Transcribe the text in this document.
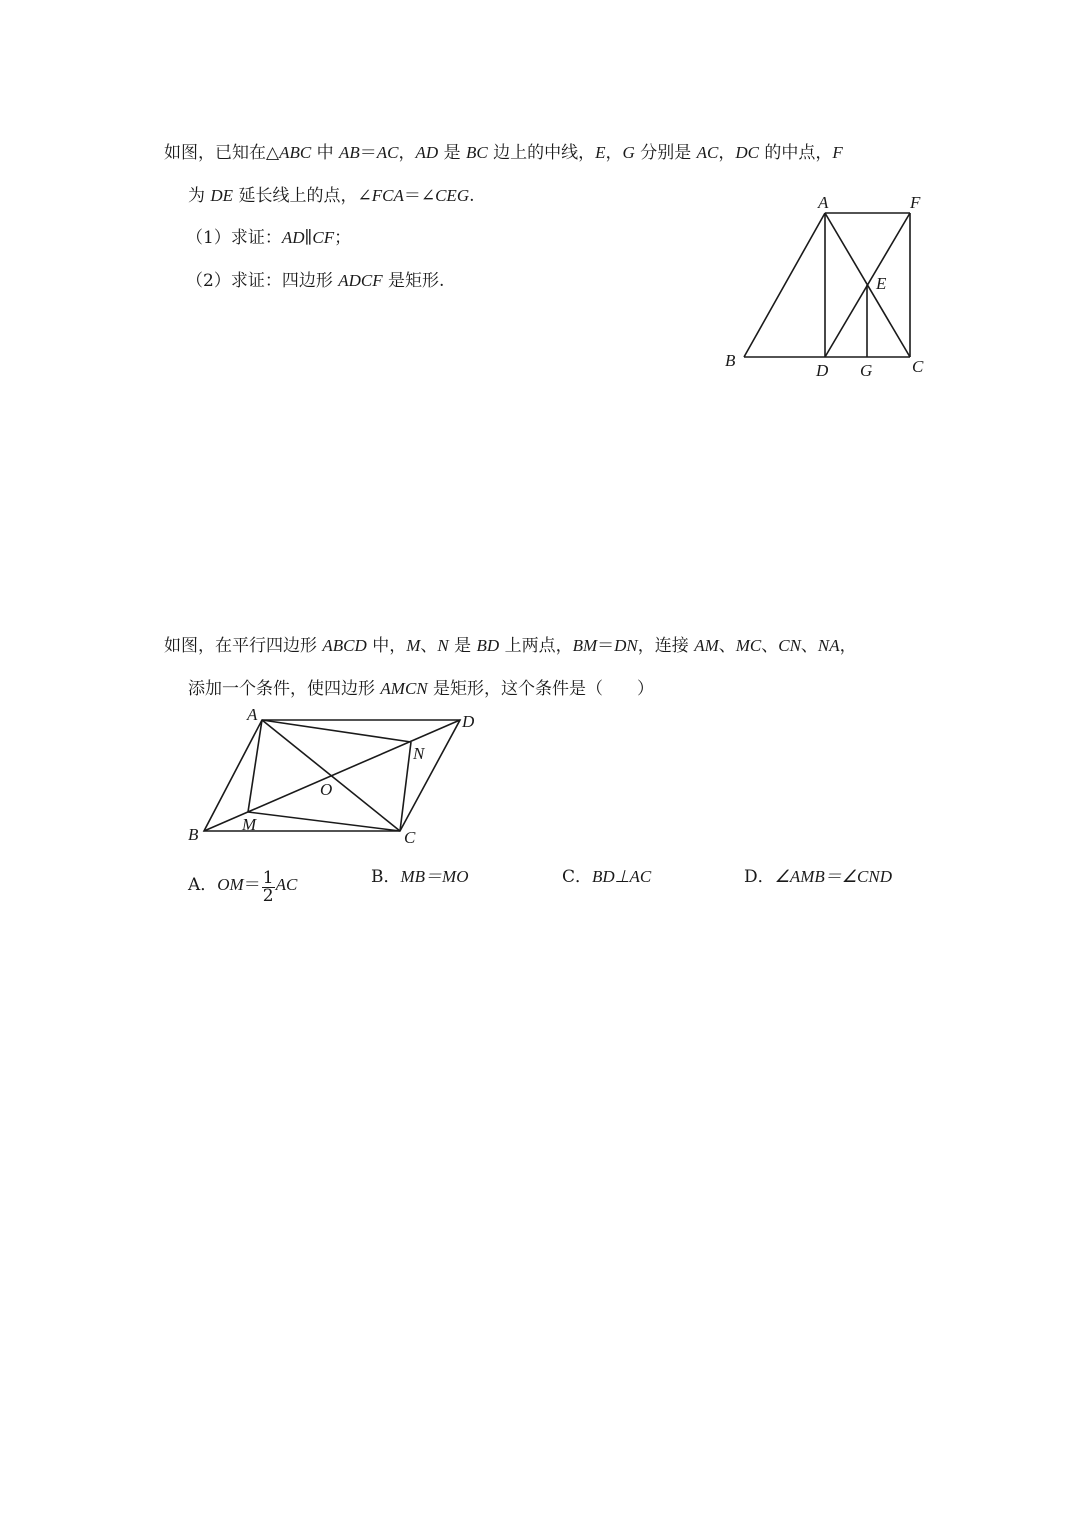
如图，已知在△ABC 中 AB＝AC，AD 是 BC 边上的中线，E，G 分别是 AC，DC 的中点，F
为 DE 延长线上的点，∠FCA＝∠CEG.
（1）求证：AD∥CF；
（2）求证：四边形 ADCF 是矩形.
A	F
E
B
D G C
如图，在平行四边形 ABCD 中，M、N 是 BD 上两点，BM＝DN，连接 AM、MC、CN、NA，
添加一个条件，使四边形 AMCN 是矩形，这个条件是（　　）
A	D
N
O
B
M
C
A．$OM= \frac{1}{2}$ AC	B．MB＝MO	C．BD⊥AC	D．∠AMB＝∠CND
